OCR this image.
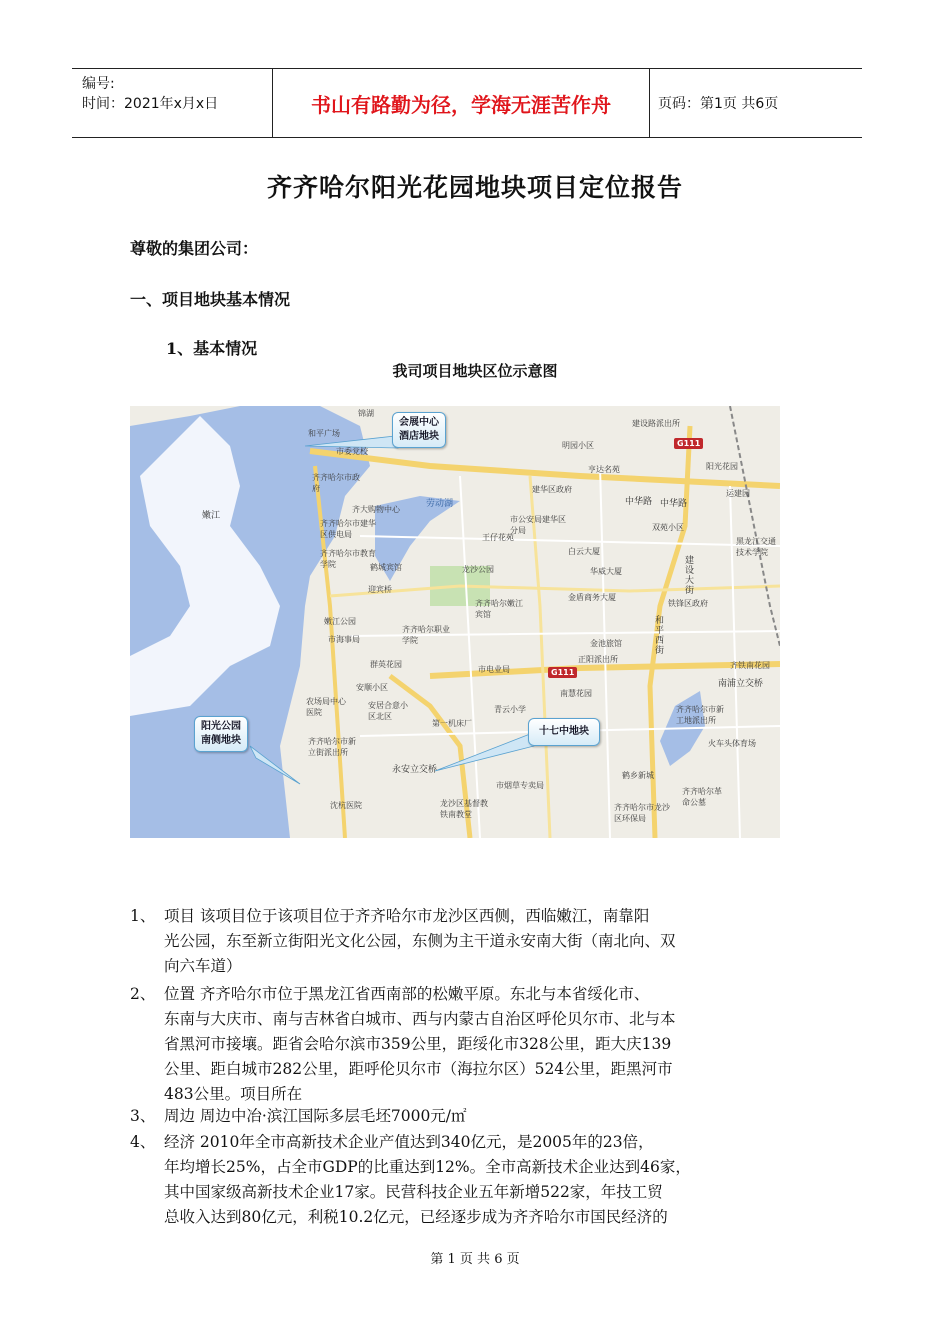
编号:
时间：2021年x月x日	书山有路勤为径，学海无涯苦作舟	页码：第1页 共6页
齐齐哈尔阳光花园地块项目定位报告
尊敬的集团公司：
一、项目地块基本情况
1、基本情况
我司项目地块区位示意图
G111
G111
中华路 中华路
建设大街
和平西街
劳动湖
嫩江
永安立交桥
南浦立交桥
锦湖
和平广场
市委党校
齐齐哈尔市政府
齐大购物中心
齐齐哈尔市建华区供电局
齐齐哈尔市教育学院	鹤城宾馆
迎宾桥
嫩江公园
市海事局
群英花园
齐齐哈尔职业学院
齐齐哈尔嫩江宾馆
龙沙公园
王仔花苑
市公安局建华区分局
建华区政府
亨达名苑
明园小区
建设路派出所
阳光花园
运建园
双苑小区
白云大厦
华威大厦
金盾商务大厦
铁锋区政府
金池旅馆
正阳派出所
市电业局
南慧花园
黑龙江交通技术学院
齐铁南花园
安顺小区
农场局中心医院
安居合意小区北区
第一机床厂
青云小学
齐齐哈尔市新立街派出所
沈杭医院
市烟草专卖局
龙沙区基督教铁南教堂
齐齐哈尔市龙沙区环保局
鹤乡新城
齐齐哈尔市新工地派出所
火车头体育场
齐齐哈尔革命公墓
会展中心
酒店地块
阳光公园
南侧地块
十七中地块
1、 项目 该项目位于该项目位于齐齐哈尔市龙沙区西侧，西临嫩江，南靠阳
光公园，东至新立街阳光文化公园，东侧为主干道永安南大街（南北向、双
向六车道）
2、 位置 齐齐哈尔市位于黑龙江省西南部的松嫩平原。东北与本省绥化市、
东南与大庆市、南与吉林省白城市、西与内蒙古自治区呼伦贝尔市、北与本
省黑河市接壤。距省会哈尔滨市359公里，距绥化市328公里，距大庆139
公里、距白城市282公里，距呼伦贝尔市（海拉尔区）524公里，距黑河市
483公里。项目所在
3、 周边 周边中冶·滨江国际多层毛坯7000元/㎡
4、 经济 2010年全市高新技术企业产值达到340亿元，是2005年的23倍，
年均增长25%，占全市GDP的比重达到12%。全市高新技术企业达到46家，
其中国家级高新技术企业17家。民营科技企业五年新增522家，年技工贸
总收入达到80亿元，利税10.2亿元，已经逐步成为齐齐哈尔市国民经济的
第 1 页 共 6 页
